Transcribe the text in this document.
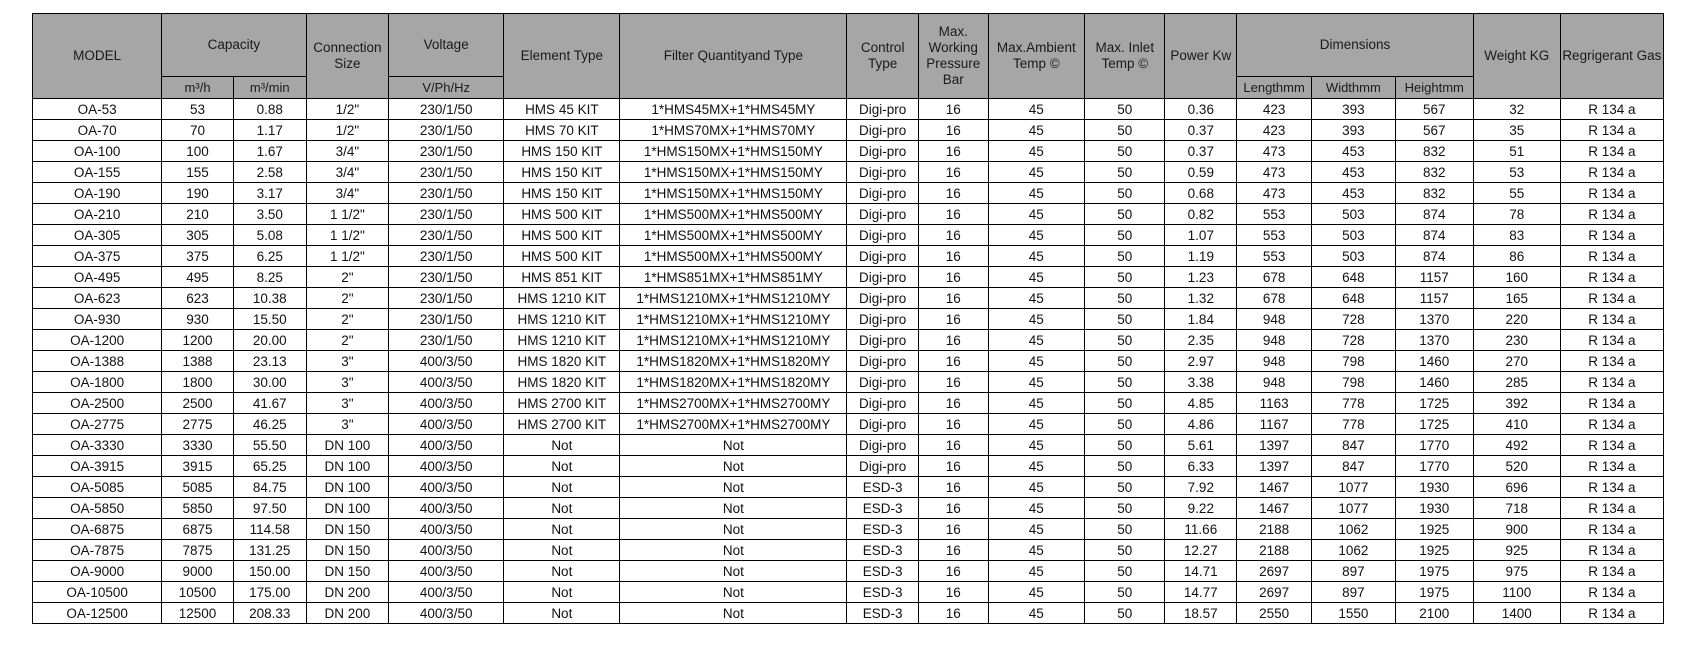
MODEL	Capacity		Connection Size	Voltage	Element Type	Filter Quantityand Type	Control Type	Max. Working Pressure Bar	Max.Ambient Temp ©	Max. Inlet Temp ©	Power Kw	Dimensions			Weight KG	Regrigerant Gas
	m³/h	m³/min		V/Ph/Hz								Lengthmm	Widthmm	Heightmm		
OA-53	53	0.88	1/2"	230/1/50	HMS 45 KIT	1*HMS45MX+1*HMS45MY	Digi-pro	16	45	50	0.36	423	393	567	32	R 134 a
OA-70	70	1.17	1/2"	230/1/50	HMS 70 KIT	1*HMS70MX+1*HMS70MY	Digi-pro	16	45	50	0.37	423	393	567	35	R 134 a
OA-100	100	1.67	3/4"	230/1/50	HMS 150 KIT	1*HMS150MX+1*HMS150MY	Digi-pro	16	45	50	0.37	473	453	832	51	R 134 a
OA-155	155	2.58	3/4"	230/1/50	HMS 150 KIT	1*HMS150MX+1*HMS150MY	Digi-pro	16	45	50	0.59	473	453	832	53	R 134 a
OA-190	190	3.17	3/4"	230/1/50	HMS 150 KIT	1*HMS150MX+1*HMS150MY	Digi-pro	16	45	50	0.68	473	453	832	55	R 134 a
OA-210	210	3.50	1 1/2"	230/1/50	HMS 500 KIT	1*HMS500MX+1*HMS500MY	Digi-pro	16	45	50	0.82	553	503	874	78	R 134 a
OA-305	305	5.08	1 1/2"	230/1/50	HMS 500 KIT	1*HMS500MX+1*HMS500MY	Digi-pro	16	45	50	1.07	553	503	874	83	R 134 a
OA-375	375	6.25	1 1/2"	230/1/50	HMS 500 KIT	1*HMS500MX+1*HMS500MY	Digi-pro	16	45	50	1.19	553	503	874	86	R 134 a
OA-495	495	8.25	2"	230/1/50	HMS 851 KIT	1*HMS851MX+1*HMS851MY	Digi-pro	16	45	50	1.23	678	648	1157	160	R 134 a
OA-623	623	10.38	2"	230/1/50	HMS 1210 KIT	1*HMS1210MX+1*HMS1210MY	Digi-pro	16	45	50	1.32	678	648	1157	165	R 134 a
OA-930	930	15.50	2"	230/1/50	HMS 1210 KIT	1*HMS1210MX+1*HMS1210MY	Digi-pro	16	45	50	1.84	948	728	1370	220	R 134 a
OA-1200	1200	20.00	2"	230/1/50	HMS 1210 KIT	1*HMS1210MX+1*HMS1210MY	Digi-pro	16	45	50	2.35	948	728	1370	230	R 134 a
OA-1388	1388	23.13	3"	400/3/50	HMS 1820 KIT	1*HMS1820MX+1*HMS1820MY	Digi-pro	16	45	50	2.97	948	798	1460	270	R 134 a
OA-1800	1800	30.00	3"	400/3/50	HMS 1820 KIT	1*HMS1820MX+1*HMS1820MY	Digi-pro	16	45	50	3.38	948	798	1460	285	R 134 a
OA-2500	2500	41.67	3"	400/3/50	HMS 2700 KIT	1*HMS2700MX+1*HMS2700MY	Digi-pro	16	45	50	4.85	1163	778	1725	392	R 134 a
OA-2775	2775	46.25	3"	400/3/50	HMS 2700 KIT	1*HMS2700MX+1*HMS2700MY	Digi-pro	16	45	50	4.86	1167	778	1725	410	R 134 a
OA-3330	3330	55.50	DN 100	400/3/50	Not	Not	Digi-pro	16	45	50	5.61	1397	847	1770	492	R 134 a
OA-3915	3915	65.25	DN 100	400/3/50	Not	Not	Digi-pro	16	45	50	6.33	1397	847	1770	520	R 134 a
OA-5085	5085	84.75	DN 100	400/3/50	Not	Not	ESD-3	16	45	50	7.92	1467	1077	1930	696	R 134 a
OA-5850	5850	97.50	DN 100	400/3/50	Not	Not	ESD-3	16	45	50	9.22	1467	1077	1930	718	R 134 a
OA-6875	6875	114.58	DN 150	400/3/50	Not	Not	ESD-3	16	45	50	11.66	2188	1062	1925	900	R 134 a
OA-7875	7875	131.25	DN 150	400/3/50	Not	Not	ESD-3	16	45	50	12.27	2188	1062	1925	925	R 134 a
OA-9000	9000	150.00	DN 150	400/3/50	Not	Not	ESD-3	16	45	50	14.71	2697	897	1975	975	R 134 a
OA-10500	10500	175.00	DN 200	400/3/50	Not	Not	ESD-3	16	45	50	14.77	2697	897	1975	1100	R 134 a
OA-12500	12500	208.33	DN 200	400/3/50	Not	Not	ESD-3	16	45	50	18.57	2550	1550	2100	1400	R 134 a
